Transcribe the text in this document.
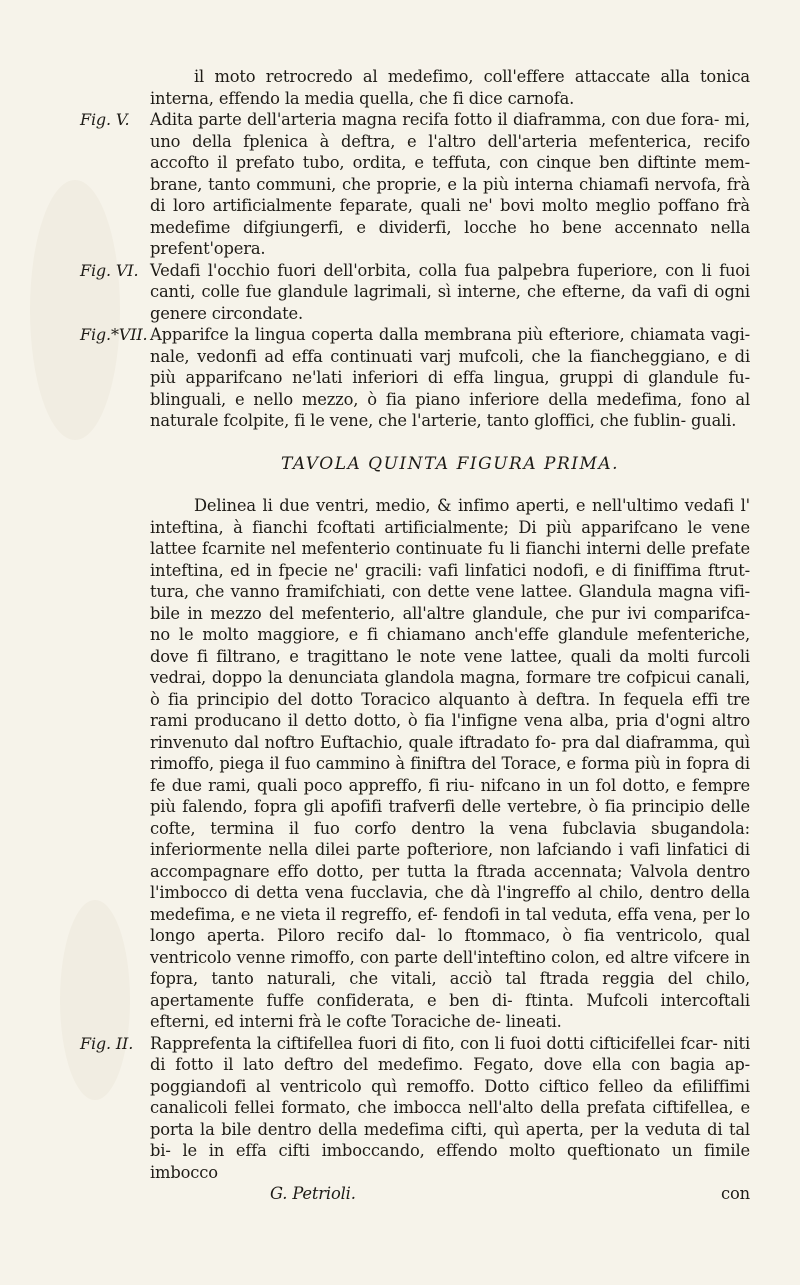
il moto retrocredo al medefimo, coll'effere attaccate alla tonica interna, effendo la media quella, che fi dice carnofa.

Fig. V.	Adita parte dell'arteria magna recifa fotto il diaframma, con due fora- mi, uno della fplenica à deftra, e l'altro dell'arteria mefenterica, recifo accofto il prefato tubo, ordita, e teffuta, con cinque ben diftinte mem- brane, tanto communi, che proprie, e la più interna chiamafi nervofa, frà di loro artificialmente feparate, quali ne' bovi molto meglio poffano frà medefime difgiungerfi, e dividerfi, locche ho bene accennato nella prefent'opera.

Fig. VI. Vedafi l'occhio fuori dell'orbita, colla fua palpebra fuperiore, con li fuoi canti, colle fue glandule lagrimali, sì interne, che efterne, da vafi di ogni genere circondate.

Fig.*VII. Apparifce la lingua coperta dalla membrana più efteriore, chiamata vagi- nale, vedonfi ad effa continuati varj mufcoli, che la fiancheggiano, e di più apparifcano ne'lati inferiori di effa lingua, gruppi di glandule fu- blinguali, e nello mezzo, ò fia piano inferiore della medefima, fono al naturale fcolpite, fi le vene, che l'arterie, tanto gloffici, che fublin- guali.

TAVOLA QUINTA FIGURA PRIMA.

Delinea li due ventri, medio, & infimo aperti, e nell'ultimo vedafi l' inteftina, à fianchi fcoftati artificialmente; Di più apparifcano le vene lattee fcarnite nel mefenterio continuate fu li fianchi interni delle prefate inteftina, ed in fpecie ne' gracili: vafi linfatici nodofi, e di finiffima ftrut- tura, che vanno framifchiati, con dette vene lattee. Glandula magna vifi- bile in mezzo del mefenterio, all'altre glandule, che pur ivi comparifca- no le molto maggiore, e fi chiamano anch'effe glandule mefenteriche, dove fi filtrano, e tragittano le note vene lattee, quali da molti furcoli vedrai, doppo la denunciata glandola magna, formare tre cofpicui canali, ò fia principio del dotto Toracico alquanto à deftra. In fequela effi tre rami producano il detto dotto, ò fia l'infigne vena alba, pria d'ogni altro rinvenuto dal noftro Euftachio, quale iftradato fo- pra dal diaframma, quì rimoffo, piega il fuo cammino à finiftra del Torace, e forma più in fopra di fe due rami, quali poco appreffo, fi riu- nifcano in un fol dotto, e fempre più falendo, fopra gli apofifi trafverfi delle vertebre, ò fia principio delle cofte, termina il fuo corfo dentro la vena fubclavia sbugandola: inferiormente nella dilei parte pofteriore, non lafciando i vafi linfatici di accompagnare effo dotto, per tutta la ftrada accennata; Valvola dentro l'imbocco di detta vena fucclavia, che dà l'ingreffo al chilo, dentro della medefima, e ne vieta il regreffo, ef- fendofi in tal veduta, effa vena, per lo longo aperta. Piloro recifo dal- lo ftommaco, ò fia ventricolo, qual ventricolo venne rimoffo, con parte dell'inteftino colon, ed altre vifcere in fopra, tanto naturali, che vitali, acciò tal ftrada reggia del chilo, apertamente fuffe confiderata, e ben di- ftinta. Mufcoli intercoftali efterni, ed interni frà le cofte Toraciche de- lineati.

Fig. II.	Rapprefenta la ciftifellea fuori di fito, con li fuoi dotti cifticifellei fcar- niti di fotto il lato deftro del medefimo. Fegato, dove ella con bagia ap- poggiandofi al ventricolo quì remoffo. Dotto ciftico felleo da efiliffimi canalicoli fellei formato, che imbocca nell'alto della prefata ciftifellea, e porta la bile dentro della medefima cifti, quì aperta, per la veduta di tal bi- le in effa cifti imboccando, effendo molto queftionato un fimile imbocco

G. Petrioli.	con
